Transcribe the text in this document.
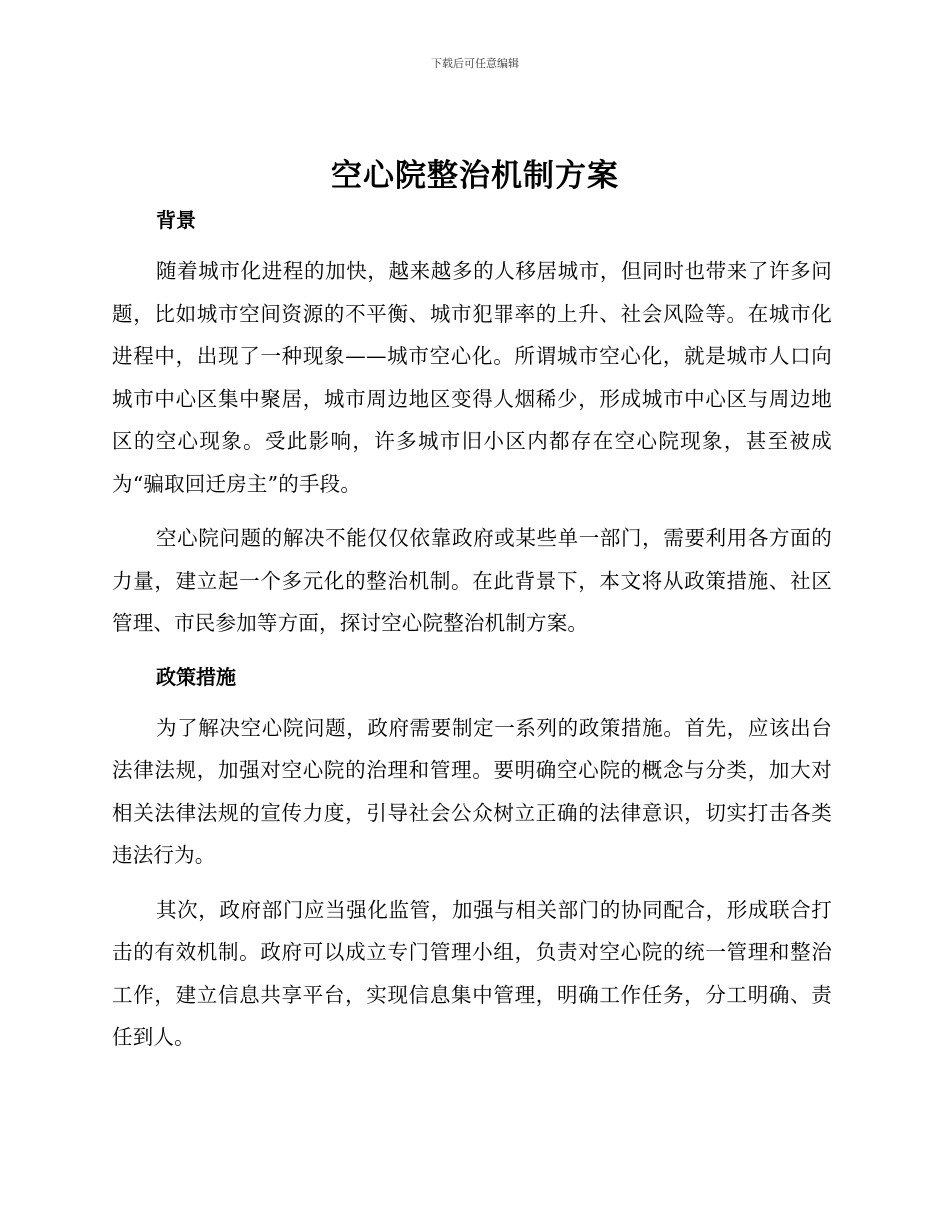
下载后可任意编辑
空心院整治机制方案

背景

随着城市化进程的加快，越来越多的人移居城市，但同时也带来了许多问题，比如城市空间资源的不平衡、城市犯罪率的上升、社会风险等。在城市化进程中，出现了一种现象——城市空心化。所谓城市空心化，就是城市人口向城市中心区集中聚居，城市周边地区变得人烟稀少，形成城市中心区与周边地区的空心现象。受此影响，许多城市旧小区内都存在空心院现象，甚至被成为“骗取回迁房主”的手段。

空心院问题的解决不能仅仅依靠政府或某些单一部门，需要利用各方面的力量，建立起一个多元化的整治机制。在此背景下，本文将从政策措施、社区管理、市民参加等方面，探讨空心院整治机制方案。

政策措施

为了解决空心院问题，政府需要制定一系列的政策措施。首先，应该出台法律法规，加强对空心院的治理和管理。要明确空心院的概念与分类，加大对相关法律法规的宣传力度，引导社会公众树立正确的法律意识，切实打击各类违法行为。

其次，政府部门应当强化监管，加强与相关部门的协同配合，形成联合打击的有效机制。政府可以成立专门管理小组，负责对空心院的统一管理和整治工作，建立信息共享平台，实现信息集中管理，明确工作任务，分工明确、责任到人。
